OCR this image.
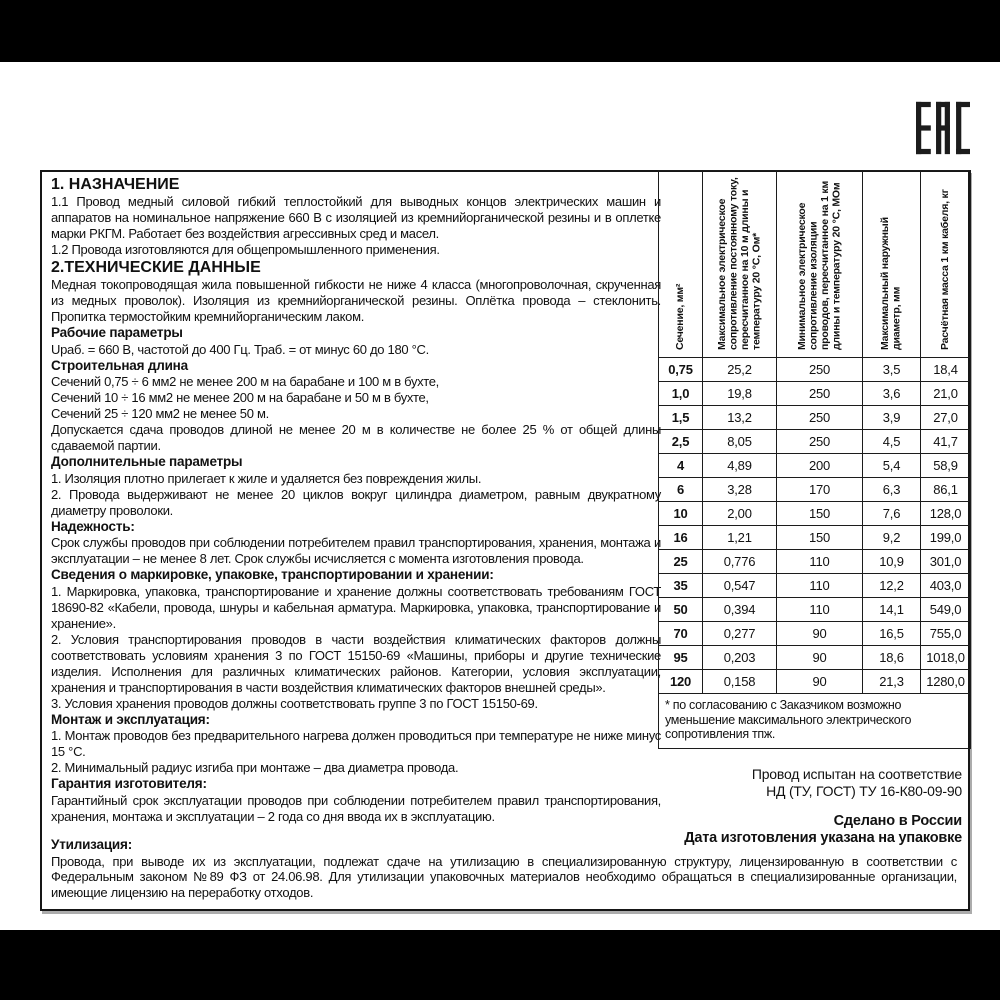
1. НАЗНАЧЕНИЕ

1.1 Провод медный силовой гибкий теплостойкий для выводных концов электрических машин и аппаратов на номинальное напряжение 660 В с изоляцией из кремнийорганической резины и в оплетке марки РКГМ. Работает без воздействия агрессивных сред и масел.

1.2 Провода изготовляются для общепромышленного применения.

2.ТЕХНИЧЕСКИЕ ДАННЫЕ

Медная токопроводящая жила повышенной гибкости не ниже 4 класса (многопроволочная, скрученная из медных проволок). Изоляция из кремнийорганической резины. Оплётка провода – стеклонить. Пропитка термостойким кремнийорганическим лаком.

Рабочие параметры

Uраб. = 660 В, частотой до 400 Гц. Траб. = от минус 60 до 180 °С.

Строительная длина

Сечений 0,75 ÷ 6 мм2 не менее 200 м на барабане и 100 м в бухте,

Сечений 10 ÷ 16 мм2 не менее 200 м на барабане и 50 м в бухте,

Сечений 25 ÷ 120 мм2 не менее 50 м.

Допускается сдача проводов длиной не менее 20 м в количестве не более 25 % от общей длины сдаваемой партии.

Дополнительные параметры

1. Изоляция плотно прилегает к жиле и удаляется без повреждения жилы.

2. Провода выдерживают не менее 20 циклов вокруг цилиндра диаметром, равным двукратному диаметру проволоки.

Надежность:

Срок службы проводов при соблюдении потребителем правил транспортирования, хранения, монтажа и эксплуатации – не менее 8 лет. Срок службы исчисляется с момента изготовления провода.

Сведения о маркировке, упаковке, транспортировании и хранении:

1. Маркировка, упаковка, транспортирование и хранение должны соответствовать требованиям ГОСТ 18690-82 «Кабели, провода, шнуры и кабельная арматура. Маркировка, упаковка, транспортирование и хранение».

2. Условия транспортирования проводов в части воздействия климатических факторов должны соответствовать условиям хранения 3 по ГОСТ 15150-69 «Машины, приборы и другие технические изделия. Исполнения для различных климатических районов. Категории, условия эксплуатации, хранения и транспортирования в части воздействия климатических факторов внешней среды».

3. Условия хранения проводов должны соответствовать группе 3 по ГОСТ 15150-69.

Монтаж и эксплуатация:

1. Монтаж проводов без предварительного нагрева должен проводиться при температуре не ниже минус 15 °С.

2. Минимальный радиус изгиба при монтаже – два диаметра провода.

Гарантия изготовителя:

Гарантийный срок эксплуатации проводов при соблюдении потребителем правил транспортирования, хранения, монтажа и эксплуатации – 2 года со дня ввода их в эксплуатацию.

Сечение, мм²	Максимальное электрическое сопротивление постоянному току, пересчитанное на 10 м длины и температуру 20 °С, Ом*	Минимальное электрическое сопротивление изоляции проводов, пересчитанное на 1 км длины и температуру 20 °С, МОм	Максимальный наружный диаметр, мм	Расчётная масса 1 км кабеля, кг
0,75	25,2	250	3,5	18,4
1,0	19,8	250	3,6	21,0
1,5	13,2	250	3,9	27,0
2,5	8,05	250	4,5	41,7
4	4,89	200	5,4	58,9
6	3,28	170	6,3	86,1
10	2,00	150	7,6	128,0
16	1,21	150	9,2	199,0
25	0,776	110	10,9	301,0
35	0,547	110	12,2	403,0
50	0,394	110	14,1	549,0
70	0,277	90	16,5	755,0
95	0,203	90	18,6	1018,0
120	0,158	90	21,3	1280,0
* по согласованию с Заказчиком возможно уменьшение максимального электрического сопротивления тпж.				
Провод испытан на соответствие
НД (ТУ, ГОСТ) ТУ 16-К80-09-90
Сделано в России
Дата изготовления указана на упаковке
Утилизация:

Провода, при выводе их из эксплуатации, подлежат сдаче на утилизацию в специализированную структуру, лицензированную в соответствии с Федеральным законом №89 ФЗ от 24.06.98. Для утилизации упаковочных материалов необходимо обращаться в специализированные организации, имеющие лицензию на переработку отходов.
